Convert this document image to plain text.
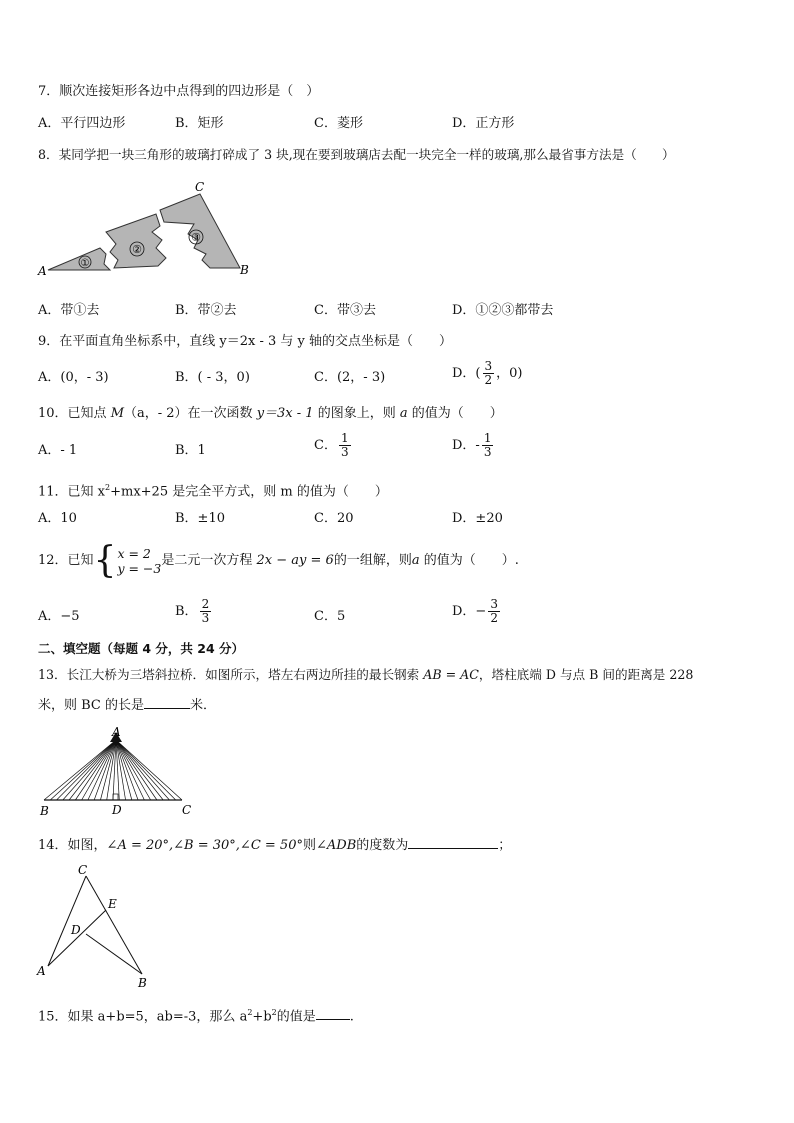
7．顺次连接矩形各边中点得到的四边形是（　）
A．平行四边形	B．矩形	C．菱形	D．正方形
8．某同学把一块三角形的玻璃打碎成了 3 块,现在要到玻璃店去配一块完全一样的玻璃,那么最省事方法是（　　）
①
②
③
A	B
C
A．带①去	B．带②去	C．带③去	D．①②③都带去
9．在平面直角坐标系中，直线 y＝2x - 3 与 y 轴的交点坐标是（　　）
A．(0，- 3)	B．( - 3，0)	C．(2，- 3)	D．( $\frac{3}{2}$ ，0)
10．已知点 M（a，- 2）在一次函数 y＝3x - 1 的图象上，则 a 的值为（　　）
A．- 1	B．1	C． $\frac{1}{3}$	D．- $\frac{1}{3}$
11．已知 $x^2+mx+25$ 是完全平方式，则 m 的值为（　　）
A．10	B．±10	C．20	D．±20
12．已知{ x = 2
y = −3 是二元一次方程 2x − ay = 6的一组解，则a 的值为（　　）.
A．−5	B． $\frac{2}{3}$	C．5	D．− $\frac{3}{2}$
二、填空题（每题 4 分，共 24 分）
13．长江大桥为三塔斜拉桥．如图所示，塔左右两边所挂的最长钢索 AB = AC，塔柱底端 D 与点 B 间的距离是 228
米，则 BC 的长是	米．
A
B	C
D
14．如图，∠A = 20°,∠B = 30°,∠C = 50°则∠ADB的度数为	；
C
E
D
A
B
15．如果 a+b=5，ab=-3，那么 $a^2+b^2$的值是	.
